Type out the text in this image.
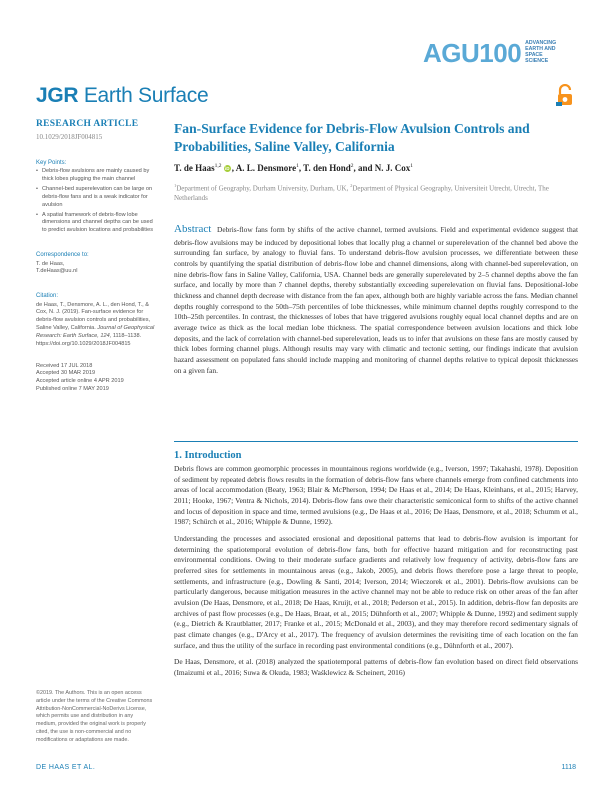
AGU100 ADVANCING
EARTH AND
SPACE SCIENCE
JGR Earth Surface
RESEARCH ARTICLE
10.1029/2018JF004815
Key Points:
• Debris-flow avulsions are mainly caused by thick lobes plugging the main channel
• Channel-bed superelevation can be large on debris-flow fans and is a weak indicator for avulsion
• A spatial framework of debris-flow lobe dimensions and channel depths can be used to predict avulsion locations and probabilities
Correspondence to:
T. de Haas,
T.deHaas@uu.nl
Citation:
de Haas, T., Densmore, A. L., den Hond, T., & Cox, N. J. (2019). Fan-surface evidence for debris-flow avulsion controls and probabilities, Saline Valley, California. Journal of Geophysical Research: Earth Surface, 124, 1118–1138. https://doi.org/10.1029/2018JF004815
Received 17 JUL 2018
Accepted 30 MAR 2019
Accepted article online 4 APR 2019
Published online 7 MAY 2019
©2019. The Authors. This is an open access article under the terms of the Creative Commons Attribution-NonCommercial-NoDerivs License, which permits use and distribution in any medium, provided the original work is properly cited, the use is non-commercial and no modifications or adaptations are made.
Fan-Surface Evidence for Debris-Flow Avulsion Controls and Probabilities, Saline Valley, California
T. de Haas$^{1,2}$ iD , A. L. Densmore$^1$, T. den Hond$^2$, and N. J. Cox$^1$
$^1$Department of Geography, Durham University, Durham, UK, $^2$Department of Physical Geography, Universiteit Utrecht, Utrecht, The Netherlands
Abstract Debris-flow fans form by shifts of the active channel, termed avulsions. Field and experimental evidence suggest that debris-flow avulsions may be induced by depositional lobes that locally plug a channel or superelevation of the channel bed above the surrounding fan surface, by analogy to fluvial fans. To understand debris-flow avulsion processes, we differentiate between these controls by quantifying the spatial distribution of debris-flow lobe and channel dimensions, along with channel-bed superelevation, on nine debris-flow fans in Saline Valley, California, USA. Channel beds are generally superelevated by 2–5 channel depths above the fan surface, and locally by more than 7 channel depths, thereby substantially exceeding superelevation on fluvial fans. Depositional-lobe thickness and channel depth decrease with distance from the fan apex, although both are highly variable across the fans. Median channel depths roughly correspond to the 50th–75th percentiles of lobe thicknesses, while minimum channel depths roughly correspond to the 10th–25th percentiles. In contrast, the thicknesses of lobes that have triggered avulsions roughly equal local channel depths and are on average twice as thick as the local median lobe thickness. The spatial correspondence between avulsion locations and thick lobe deposits, and the lack of correlation with channel-bed superelevation, leads us to infer that avulsions on these fans are mostly caused by thick lobes forming channel plugs. Although results may vary with climatic and tectonic setting, our findings indicate that avulsion hazard assessment on populated fans should include mapping and monitoring of channel depths relative to typical deposit thicknesses on a given fan.
1. Introduction

Debris flows are common geomorphic processes in mountainous regions worldwide (e.g., Iverson, 1997; Takahashi, 1978). Deposition of sediment by repeated debris flows results in the formation of debris-flow fans where channels emerge from confined catchments into areas of local accommodation (Beaty, 1963; Blair & McPherson, 1994; De Haas et al., 2014; De Haas, Kleinhans, et al., 2015; Harvey, 2011; Hooke, 1967; Ventra & Nichols, 2014). Debris-flow fans owe their characteristic semiconical form to shifts of the active channel and locus of deposition in space and time, termed avulsions (e.g., De Haas et al., 2016; De Haas, Densmore, et al., 2018; Schumm et al., 1987; Schürch et al., 2016; Whipple & Dunne, 1992).

Understanding the processes and associated erosional and depositional patterns that lead to debris-flow avulsion is important for determining the spatiotemporal evolution of debris-flow fans, both for effective hazard mitigation and for reconstructing past environmental conditions. Owing to their moderate surface gradients and relatively low frequency of activity, debris-flow fans are preferred sites for settlements in mountainous areas (e.g., Jakob, 2005), and debris flows therefore pose a large threat to people, settlements, and infrastructure (e.g., Dowling & Santi, 2014; Iverson, 2014; Wieczorek et al., 2001). Debris-flow avulsions can be particularly dangerous, because mitigation measures in the active channel may not be able to reduce risk on other areas of the fan after avulsion (De Haas, Densmore, et al., 2018; De Haas, Kruijt, et al., 2018; Pederson et al., 2015). In addition, debris-flow fan deposits are archives of past flow processes (e.g., De Haas, Braat, et al., 2015; Dühnforth et al., 2007; Whipple & Dunne, 1992) and sediment supply (e.g., Dietrich & Krautblatter, 2017; Franke et al., 2015; McDonald et al., 2003), and they may therefore record sedimentary signals of past climate changes (e.g., D'Arcy et al., 2017). The frequency of avulsion determines the revisiting time of each location on the fan surface, and thus the utility of the surface in recording past environmental conditions (e.g., Dühnforth et al., 2007).

De Haas, Densmore, et al. (2018) analyzed the spatiotemporal patterns of debris-flow fan evolution based on direct field observations (Imaizumi et al., 2016; Suwa & Okuda, 1983; Waśklewicz & Scheinert, 2016)

DE HAAS ET AL.	1118
